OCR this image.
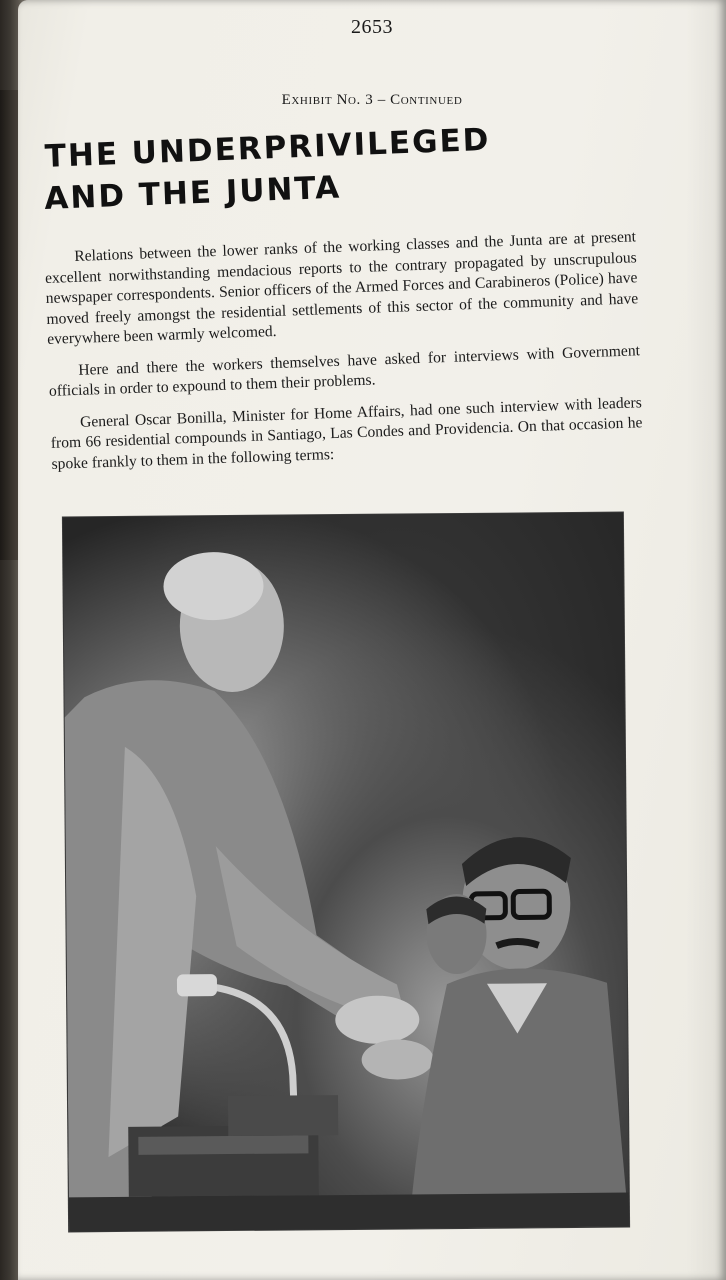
2653
Exhibit No. 3 – Continued
THE UNDERPRIVILEGED
AND THE JUNTA

Relations between the lower ranks of the working classes and the Junta are at present excellent norwithstanding mendacious reports to the contrary propagated by unscrupulous newspaper correspondents. Senior officers of the Armed Forces and Carabineros (Police) have moved freely amongst the residential settlements of this sector of the community and have everywhere been warmly welcomed.

Here and there the workers themselves have asked for interviews with Government officials in order to expound to them their problems.

General Oscar Bonilla, Minister for Home Affairs, had one such interview with leaders from 66 residential compounds in Santiago, Las Condes and Providencia. On that occasion he spoke frankly to them in the following terms:
